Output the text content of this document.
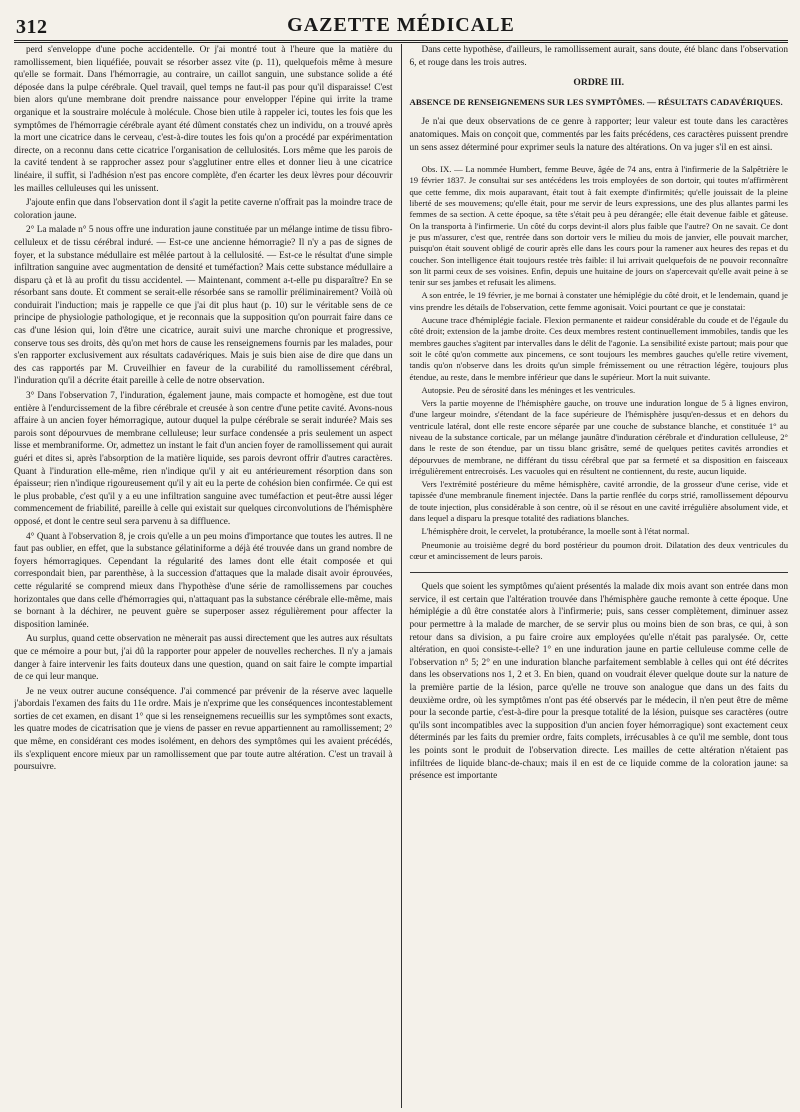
312	GAZETTE MÉDICALE

perd s'enveloppe d'une poche accidentelle. Or j'ai montré tout à l'heure que la matière du ramollissement, bien liquéfiée, pouvait se résorber assez vite (p. 11), quelquefois même à mesure qu'elle se formait. Dans l'hémorragie, au contraire, un caillot sanguin, une substance solide a été déposée dans la pulpe cérébrale. Quel travail, quel temps ne faut-il pas pour qu'il disparaisse! C'est bien alors qu'une membrane doit prendre naissance pour envelopper l'épine qui irrite la trame organique et la soustraire molécule à molécule. Chose bien utile à rappeler ici, toutes les fois que les symptômes de l'hémorragie cérébrale ayant été dûment constatés chez un individu, on a trouvé après la mort une cicatrice dans le cerveau, c'est-à-dire toutes les fois qu'on a procédé par expérimentation directe, on a reconnu dans cette cicatrice l'organisation de cellulosités. Lors même que les parois de la cavité tendent à se rapprocher assez pour s'agglutiner entre elles et donner lieu à une cicatrice linéaire, il suffit, si l'adhésion n'est pas encore complète, d'en écarter les deux lèvres pour découvrir les mailles celluleuses qui les unissent.

J'ajoute enfin que dans l'observation dont il s'agit la petite caverne n'offrait pas la moindre trace de coloration jaune.

2° La malade n° 5 nous offre une induration jaune constituée par un mélange intime de tissu fibro-celluleux et de tissu cérébral induré. — Est-ce une ancienne hémorragie? Il n'y a pas de signes de foyer, et la substance médullaire est mêlée partout à la cellulosité. — Est-ce le résultat d'une simple infiltration sanguine avec augmentation de densité et tuméfaction? Mais cette substance médullaire a disparu çà et là au profit du tissu accidentel. — Maintenant, comment a-t-elle pu disparaître? En se résorbant sans doute. Et comment se serait-elle résorbée sans se ramollir préliminairement? Voilà où conduirait l'induction; mais je rappelle ce que j'ai dit plus haut (p. 10) sur le véritable sens de ce principe de physiologie pathologique, et je reconnais que la supposition qu'on pourrait faire dans ce cas d'une lésion qui, loin d'être une cicatrice, aurait suivi une marche chronique et progressive, conserve tous ses droits, dès qu'on met hors de cause les renseignemens fournis par les malades, pour s'en rapporter exclusivement aux résultats cadavériques. Mais je suis bien aise de dire que dans un des cas rapportés par M. Cruveilhier en faveur de la curabilité du ramollissement cérébral, l'induration qu'il a décrite était pareille à celle de notre observation.

3° Dans l'observation 7, l'induration, également jaune, mais compacte et homogène, est due tout entière à l'endurcissement de la fibre cérébrale et creusée à son centre d'une petite cavité. Avons-nous affaire à un ancien foyer hémorragique, autour duquel la pulpe cérébrale se serait indurée? Mais ses parois sont dépourvues de membrane celluleuse; leur surface condensée a pris seulement un aspect lisse et membraniforme. Or, admettez un instant le fait d'un ancien foyer de ramollissement qui aurait guéri et dites si, après l'absorption de la matière liquide, ses parois devront offrir d'autres caractères. Quant à l'induration elle-même, rien n'indique qu'il y ait eu antérieurement résorption dans son épaisseur; rien n'indique rigoureusement qu'il y ait eu la perte de cohésion bien confirmée. Ce qui est le plus probable, c'est qu'il y a eu une infiltration sanguine avec tuméfaction et peut-être aussi léger commencement de friabilité, pareille à celle qui existait sur quelques circonvolutions de l'hémisphère opposé, et dont le centre seul sera parvenu à sa diffluence.

4° Quant à l'observation 8, je crois qu'elle a un peu moins d'importance que toutes les autres. Il ne faut pas oublier, en effet, que la substance gélatiniforme a déjà été trouvée dans un grand nombre de foyers hémorragiques. Cependant la régularité des lames dont elle était composée et qui correspondait bien, par parenthèse, à la succession d'attaques que la malade disait avoir éprouvées, cette régularité se comprend mieux dans l'hypothèse d'une série de ramollissemens par couches horizontales que dans celle d'hémorragies qui, n'attaquant pas la substance cérébrale elle-même, mais se bornant à la déchirer, ne peuvent guère se superposer assez régulièrement pour affecter la disposition laminée.

Au surplus, quand cette observation ne mènerait pas aussi directement que les autres aux résultats que ce mémoire a pour but, j'ai dû la rapporter pour appeler de nouvelles recherches. Il n'y a jamais danger à faire intervenir les faits douteux dans une question, quand on sait faire le compte impartial de ce qui leur manque.

Je ne veux outrer aucune conséquence. J'ai commencé par prévenir de la réserve avec laquelle j'abordais l'examen des faits du 11e ordre. Mais je n'exprime que les conséquences incontestablement sorties de cet examen, en disant 1° que si les renseignemens recueillis sur les symptômes sont exacts, les quatre modes de cicatrisation que je viens de passer en revue appartiennent au ramollissement; 2° que même, en considérant ces modes isolément, en dehors des symptômes qui les avaient précédés, ils s'expliquent encore mieux par un ramollissement que par toute autre altération. C'est un travail à poursuivre.

Dans cette hypothèse, d'ailleurs, le ramollissement aurait, sans doute, été blanc dans l'observation 6, et rouge dans les trois autres.

ORDRE III.

ABSENCE DE RENSEIGNEMENS SUR LES SYMPTÔMES. — RÉSULTATS CADAVÉRIQUES.

Je n'ai que deux observations de ce genre à rapporter; leur valeur est toute dans les caractères anatomiques. Mais on conçoit que, commentés par les faits précédens, ces caractères puissent prendre un sens assez déterminé pour exprimer seuls la nature des altérations. On va juger s'il en est ainsi.

Obs. IX. — La nommée Humbert, femme Beuve, âgée de 74 ans, entra à l'infirmerie de la Salpêtrière le 19 février 1837. Je consultai sur ses antécédens les trois employées de son dortoir, qui toutes m'affirmèrent que cette femme, dix mois auparavant, était tout à fait exempte d'infirmités; qu'elle jouissait de la pleine liberté de ses mouvemens; qu'elle était, pour me servir de leurs expressions, une des plus allantes parmi les femmes de sa section. A cette époque, sa tête s'était peu à peu dérangée; elle était devenue faible et gâteuse. On la transporta à l'infirmerie. Un côté du corps devint-il alors plus faible que l'autre? On ne savait. Ce dont je pus m'assurer, c'est que, rentrée dans son dortoir vers le milieu du mois de janvier, elle pouvait marcher, puisqu'on était souvent obligé de courir après elle dans les cours pour la ramener aux heures des repas et du coucher. Son intelligence était toujours restée très faible: il lui arrivait quelquefois de ne pouvoir reconnaître son lit parmi ceux de ses voisines. Enfin, depuis une huitaine de jours on s'apercevait qu'elle avait peine à se tenir sur ses jambes et refusait les alimens.

A son entrée, le 19 février, je me bornai à constater une hémiplégie du côté droit, et le lendemain, quand je vins prendre les détails de l'observation, cette femme agonisait. Voici pourtant ce que je constatai:

Aucune trace d'hémiplégie faciale. Flexion permanente et raideur considérable du coude et de l'égaule du côté droit; extension de la jambe droite. Ces deux membres restent continuellement immobiles, tandis que les membres gauches s'agitent par intervalles dans le délit de l'agonie. La sensibilité existe partout; mais pour que soit le côté qu'on commette aux pincemens, ce sont toujours les membres gauches qu'elle retire vivement, tandis qu'on n'observe dans les droits qu'un simple frémissement ou une rétraction légère, toujours plus étendue, au reste, dans le membre inférieur que dans le supérieur. Mort la nuit suivante.

Autopsie. Peu de sérosité dans les méninges et les ventricules.

Vers la partie moyenne de l'hémisphère gauche, on trouve une induration longue de 5 à lignes environ, d'une largeur moindre, s'étendant de la face supérieure de l'hémisphère jusqu'en-dessus et en dehors du ventricule latéral, dont elle reste encore séparée par une couche de substance blanche, et constituée 1° au niveau de la substance corticale, par un mélange jaunâtre d'induration cérébrale et d'induration celluleuse, 2° dans le reste de son étendue, par un tissu blanc grisâtre, semé de quelques petites cavités arrondies et dépourvues de membrane, ne différant du tissu cérébral que par sa fermeté et sa disposition en faisceaux irrégulièrement entrecroisés. Les vacuoles qui en résultent ne contiennent, du reste, aucun liquide.

Vers l'extrémité postérieure du même hémisphère, cavité arrondie, de la grosseur d'une cerise, vide et tapissée d'une membranule finement injectée. Dans la partie renflée du corps strié, ramollissement dépourvu de toute injection, plus considérable à son centre, où il se résout en une cavité irrégulière absolument vide, et dans lequel a disparu la presque totalité des radiations blanches.

L'hémisphère droit, le cervelet, la protubérance, la moelle sont à l'état normal.

Pneumonie au troisième degré du bord postérieur du poumon droit. Dilatation des deux ventricules du cœur et amincissement de leurs parois.

Quels que soient les symptômes qu'aient présentés la malade dix mois avant son entrée dans mon service, il est certain que l'altération trouvée dans l'hémisphère gauche remonte à cette époque. Une hémiplégie a dû être constatée alors à l'infirmerie; puis, sans cesser complètement, diminuer assez pour permettre à la malade de marcher, de se servir plus ou moins bien de son bras, ce qui, à son retour dans sa division, a pu faire croire aux employées qu'elle n'était pas paralysée. Or, cette altération, en quoi consiste-t-elle? 1° en une induration jaune en partie celluleuse comme celle de l'observation n° 5; 2° en une induration blanche parfaitement semblable à celles qui ont été décrites dans les observations nos 1, 2 et 3. En bien, quand on voudrait élever quelque doute sur la nature de la première partie de la lésion, parce qu'elle ne trouve son analogue que dans un des faits du deuxième ordre, où les symptômes n'ont pas été observés par le médecin, il n'en peut être de même pour la seconde partie, c'est-à-dire pour la presque totalité de la lésion, puisque ses caractères (outre qu'ils sont incompatibles avec la supposition d'un ancien foyer hémorragique) sont exactement ceux déterminés par les faits du premier ordre, faits complets, irrécusables à ce qu'il me semble, dont tous les points sont le produit de l'observation directe. Les mailles de cette altération n'étaient pas infiltrées de liquide blanc-de-chaux; mais il en est de ce liquide comme de la coloration jaune: sa présence est importante
